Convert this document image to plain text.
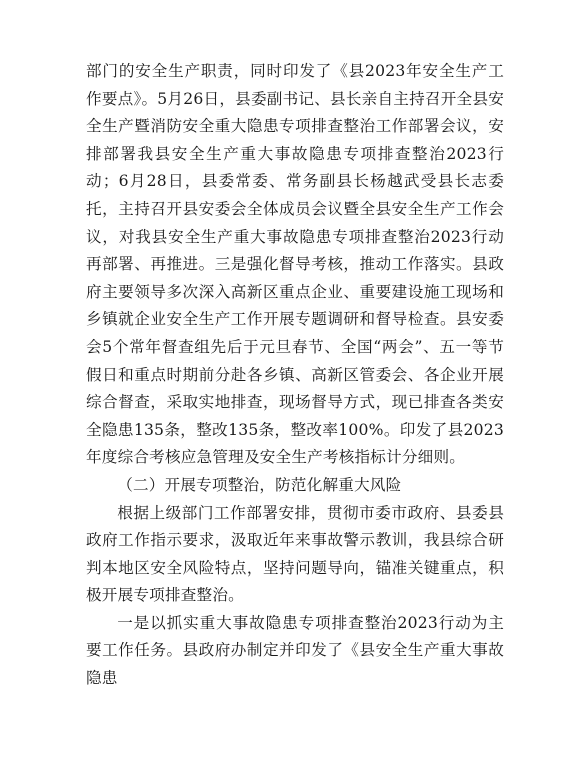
部门的安全生产职责，同时印发了《县2023年安全生产工作要点》。5月26日，县委副书记、县长亲自主持召开全县安全生产暨消防安全重大隐患专项排查整治工作部署会议，安排部署我县安全生产重大事故隐患专项排查整治2023行动；6月28日，县委常委、常务副县长杨越武受县长志委托，主持召开县安委会全体成员会议暨全县安全生产工作会议，对我县安全生产重大事故隐患专项排查整治2023行动再部署、再推进。三是强化督导考核，推动工作落实。县政府主要领导多次深入高新区重点企业、重要建设施工现场和乡镇就企业安全生产工作开展专题调研和督导检查。县安委会5个常年督查组先后于元旦春节、全国“两会”、五一等节假日和重点时期前分赴各乡镇、高新区管委会、各企业开展综合督查，采取实地排查，现场督导方式，现已排查各类安全隐患135条，整改135条，整改率100%。印发了县2023年度综合考核应急管理及安全生产考核指标计分细则。

（二）开展专项整治，防范化解重大风险

根据上级部门工作部署安排，贯彻市委市政府、县委县政府工作指示要求，汲取近年来事故警示教训，我县综合研判本地区安全风险特点，坚持问题导向，锚准关键重点，积极开展专项排查整治。

一是以抓实重大事故隐患专项排查整治2023行动为主要工作任务。县政府办制定并印发了《县安全生产重大事故隐患
